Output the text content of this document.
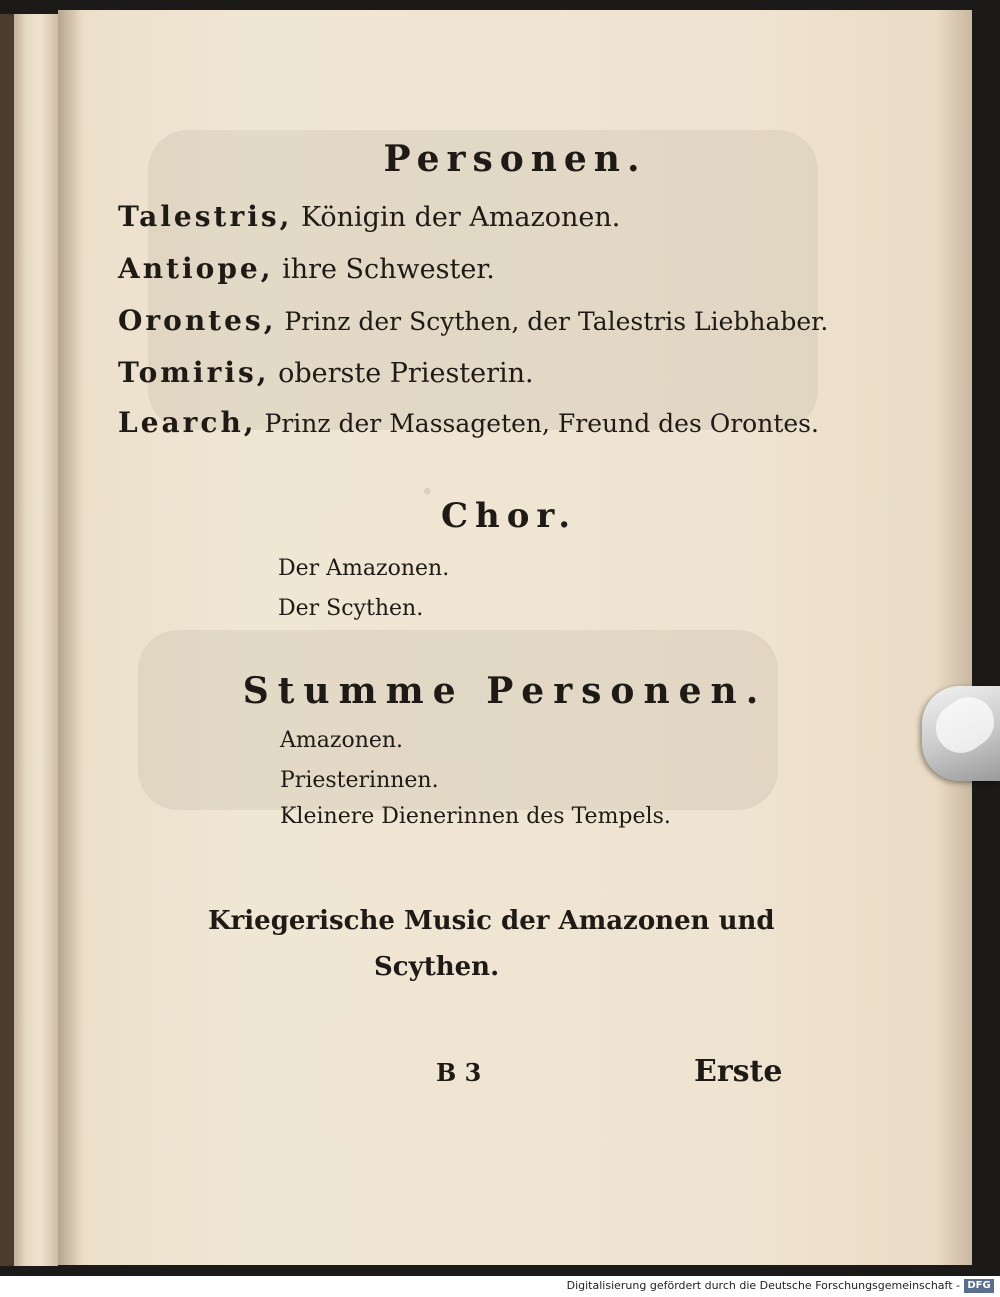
·
Personen.
Talestris, Königin der Amazonen.
Antiope, ihre Schwester.
Orontes, Prinz der Scythen, der Talestris Liebhaber.
Tomiris, oberste Priesterin.
Learch, Prinz der Massageten, Freund des Orontes.
Chor.
Der Amazonen.
Der Scythen.
Stumme Personen.
Amazonen.
Priesterinnen.
Kleinere Dienerinnen des Tempels.
Kriegerische Music der Amazonen und
Scythen.
B 3	Erste
Digitalisierung gefördert durch die Deutsche Forschungsgemeinschaft - DFG
